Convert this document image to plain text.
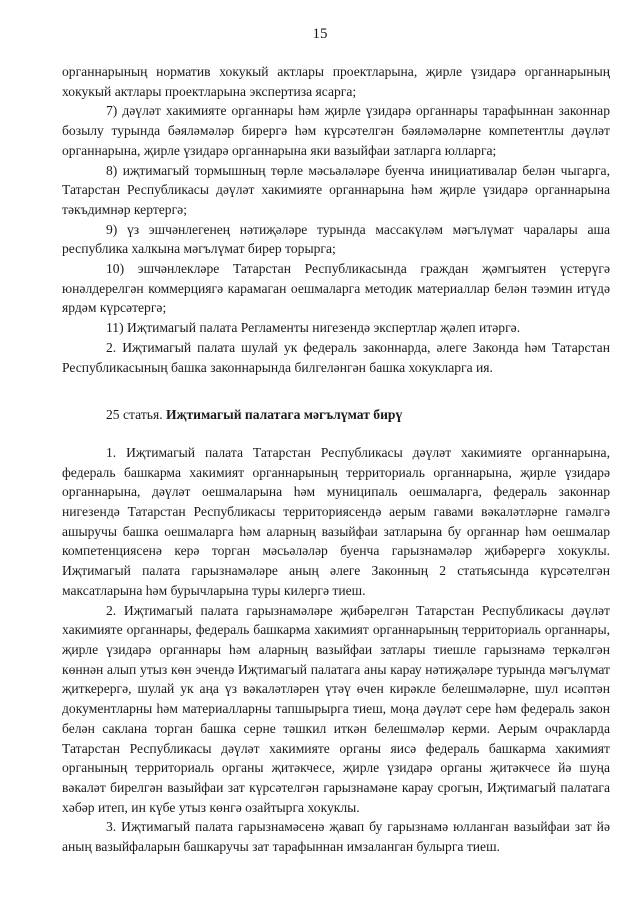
15

органнарының норматив хокукый актлары проектларына, җирле үзидарә органнарының хокукый актлары проектларына экспертиза ясарга;

7) дәүләт хакимияте органнары һәм җирле үзидарә органнары тарафыннан законнар бозылу турында бәяләмәләр бирергә һәм күрсәтелгән бәяләмәләрне компетентлы дәүләт органнарына, җирле үзидарә органнарына яки вазыйфаи затларга юлларга;

8) иҗтимагый тормышның төрле мәсьәләләре буенча инициативалар белән чыгарга, Татарстан Республикасы дәүләт хакимияте органнарына һәм җирле үзидарә органнарына тәкъдимнәр кертергә;

9) үз эшчәнлегенең нәтиҗәләре турында массакүләм мәгълүмат чаралары аша республика халкына мәгълүмат бирep торырга;

10) эшчәнлекләре Татарстан Республикасында граждан җәмгыятен үстерүгә юнәлдерелгән коммерциягә карамаган оешмаларга методик материаллар белән тәэмин итүдә ярдәм күрсәтергә;

11) Иҗтимагый палата Регламенты нигезендә экспертлар җәлеп итәргә.

2. Иҗтимагый палата шулай ук федераль законнарда, әлеге Законда һәм Татарстан Республикасының башка законнарында билгеләнгән башка хокукларга ия.

25 статья. Иҗтимагый палатага мәгълүмат бирү

1. Иҗтимагый палата Татарстан Республикасы дәүләт хакимияте органнарына, федераль башкарма хакимият органнарының территориаль органнарына, җирле үзидарә органнарына, дәүләт оешмаларына һәм муниципаль оешмаларга, федераль законнар нигезендә Татарстан Республикасы территориясендә аерым гавами вәкаләтләрне гамәлгә ашыручы башка оешмаларга һәм аларның вазыйфаи затларына бу органнар һәм оешмалар компетенциясенә керә торган мәсьәләләр буенча гарызнамәләр җибәрергә хокуклы. Иҗтимагый палата гарызнамәләре аның әлеге Законның 2 статьясында күрсәтелгән максатларына һәм бурычларына туры килергә тиеш.

2. Иҗтимагый палата гарызнамәләре җибәрелгән Татарстан Республикасы дәүләт хакимияте органнары, федераль башкарма хакимият органнарының территориаль органнары, җирле үзидарә органнары һәм аларның вазыйфаи затлары тиешле гарызнамә теркәлгән көннән алып утыз көн эчендә Иҗтимагый палатага аны карау нәтиҗәләре турында мәгълүмат җиткерергә, шулай ук аңа үз вәкаләтләрен үтәү өчен кирәкле белешмәләрне, шул исәптән документларны һәм материалларны тапшырырга тиеш, моңа дәүләт сере һәм федераль закон белән саклана торган башка серне тәшкил иткән белешмәләр керми. Аерым очракларда Татарстан Республикасы дәүләт хакимияте органы яисә федераль башкарма хакимият органының территориаль органы җитәкчесе, җирле үзидарә органы җитәкчесе йә шуңа вәкаләт бирелгән вазыйфаи зат күрсәтелгән гарызнамәне карау срогын, Иҗтимагый палатага хәбәр итеп, ин күбе утыз көнгә озайтырга хокуклы.

3. Иҗтимагый палата гарызнамәсенә җавап бу гарызнамә юлланган вазыйфаи зат йә аның вазыйфаларын башкаручы зат тарафыннан имзаланган булырга тиеш.
